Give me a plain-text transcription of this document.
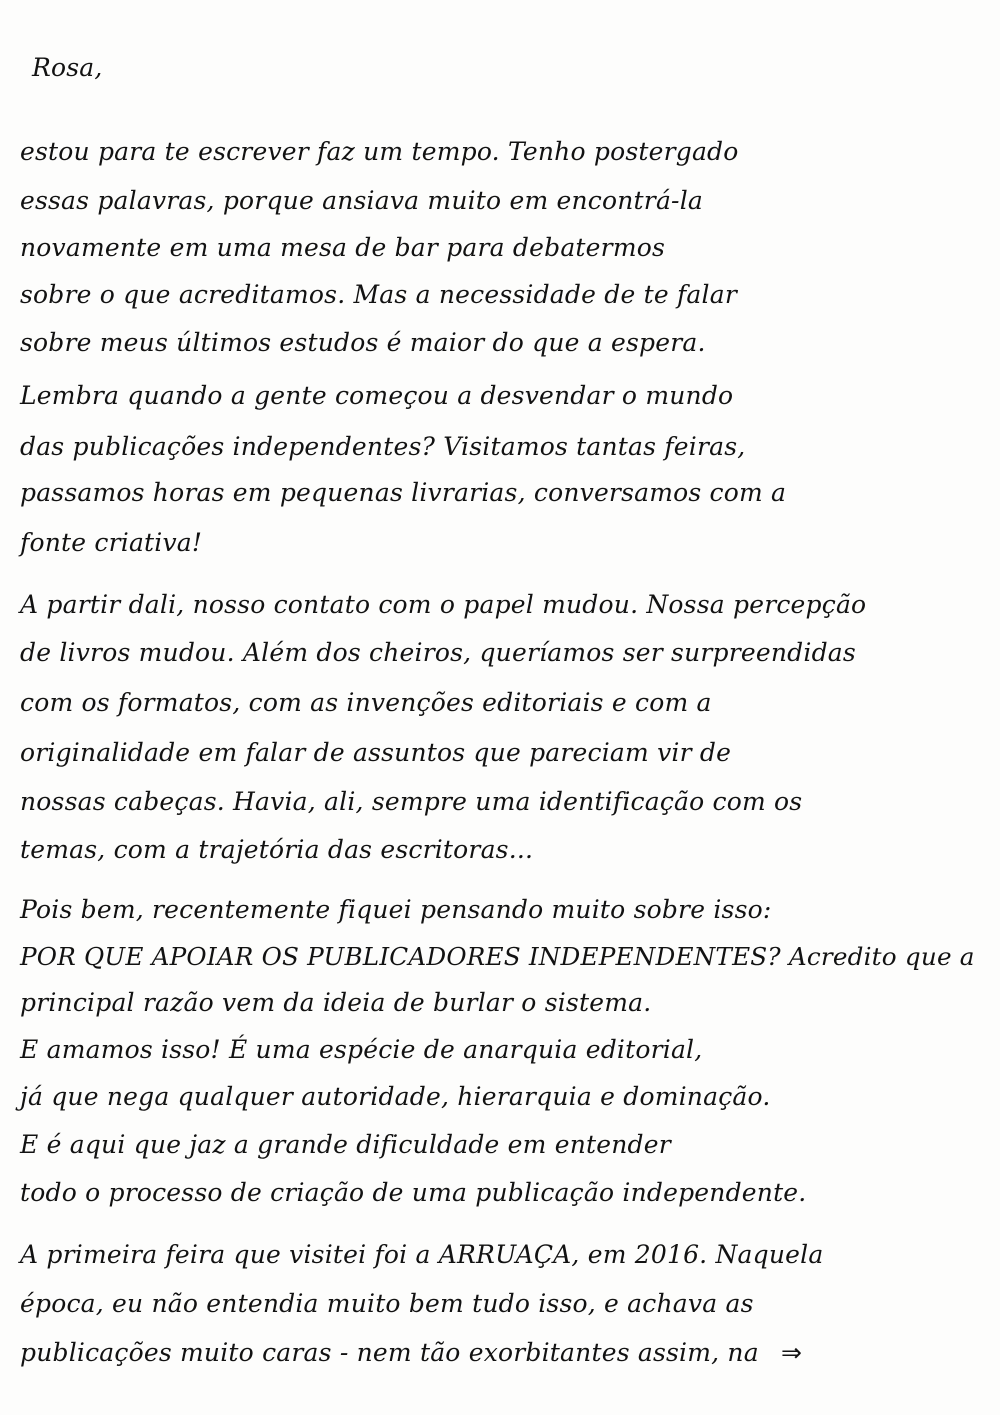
Rosa,
estou para te escrever faz um tempo. Tenho postergado
essas palavras, porque ansiava muito em encontrá-la
novamente em uma mesa de bar para debatermos
sobre o que acreditamos. Mas a necessidade de te falar
sobre meus últimos estudos é maior do que a espera.
Lembra quando a gente começou a desvendar o mundo
das publicações independentes? Visitamos tantas feiras,
passamos horas em pequenas livrarias, conversamos com a
fonte criativa!
A partir dali, nosso contato com o papel mudou. Nossa percepção
de livros mudou. Além dos cheiros, queríamos ser surpreendidas
com os formatos, com as invenções editoriais e com a
originalidade em falar de assuntos que pareciam vir de
nossas cabeças. Havia, ali, sempre uma identificação com os
temas, com a trajetória das escritoras...
Pois bem, recentemente fiquei pensando muito sobre isso:
POR QUE APOIAR OS PUBLICADORES INDEPENDENTES? Acredito que a
principal razão vem da ideia de burlar o sistema.
E amamos isso! É uma espécie de anarquia editorial,
já que nega qualquer autoridade, hierarquia e dominação.
E é aqui que jaz a grande dificuldade em entender
todo o processo de criação de uma publicação independente.
A primeira feira que visitei foi a ARRUAÇA, em 2016. Naquela
época, eu não entendia muito bem tudo isso, e achava as
publicações muito caras - nem tão exorbitantes assim, na ⇒
